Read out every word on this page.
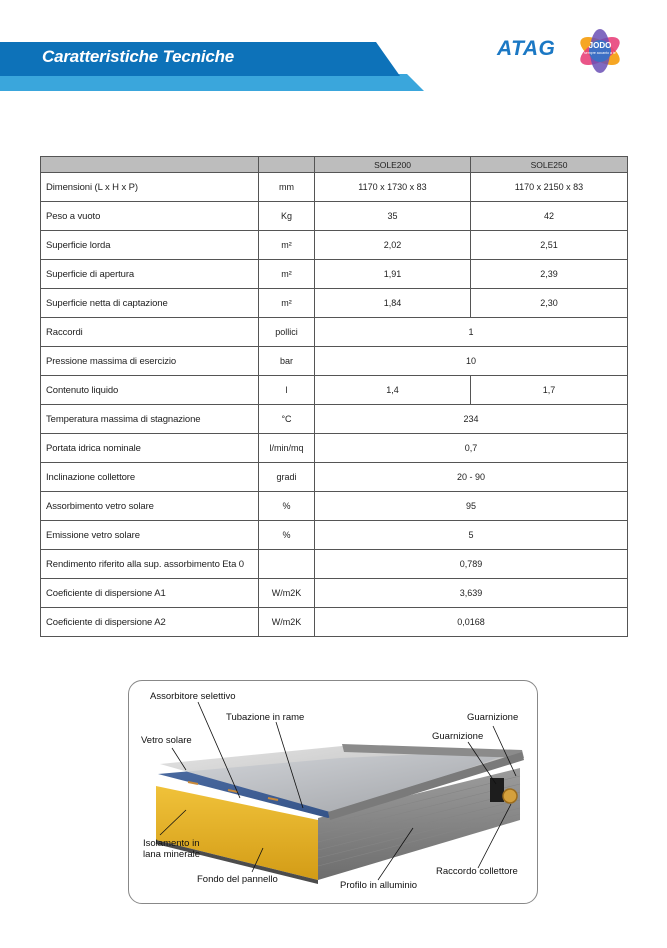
Caratteristiche Tecniche	ATAG	JODO
sempre accanto a te
		SOLE200	SOLE250
Dimensioni (L x H x P)	mm	1170 x 1730 x 83	1170 x 2150 x 83
Peso a vuoto	Kg	35	42
Superficie lorda	m²	2,02	2,51
Superficie di apertura	m²	1,91	2,39
Superficie netta di captazione	m²	1,84	2,30
Raccordi	pollici	1	
Pressione massima di esercizio	bar	10	
Contenuto liquido	l	1,4	1,7
Temperatura massima di stagnazione	°C	234	
Portata idrica nominale	l/min/mq	0,7	
Inclinazione collettore	gradi	20 - 90	
Assorbimento vetro solare	%	95	
Emissione vetro solare	%	5	
Rendimento riferito alla sup. assorbimento Eta 0		0,789	
Coeficiente di dispersione A1	W/m2K	3,639	
Coeficiente di dispersione A2	W/m2K	0,0168	
Assorbitore selettivo
Tubazione in rame
Vetro solare
Guarnizione
Guarnizione
Isolamento in
lana minerale
Fondo del pannello
Profilo in alluminio
Raccordo collettore
